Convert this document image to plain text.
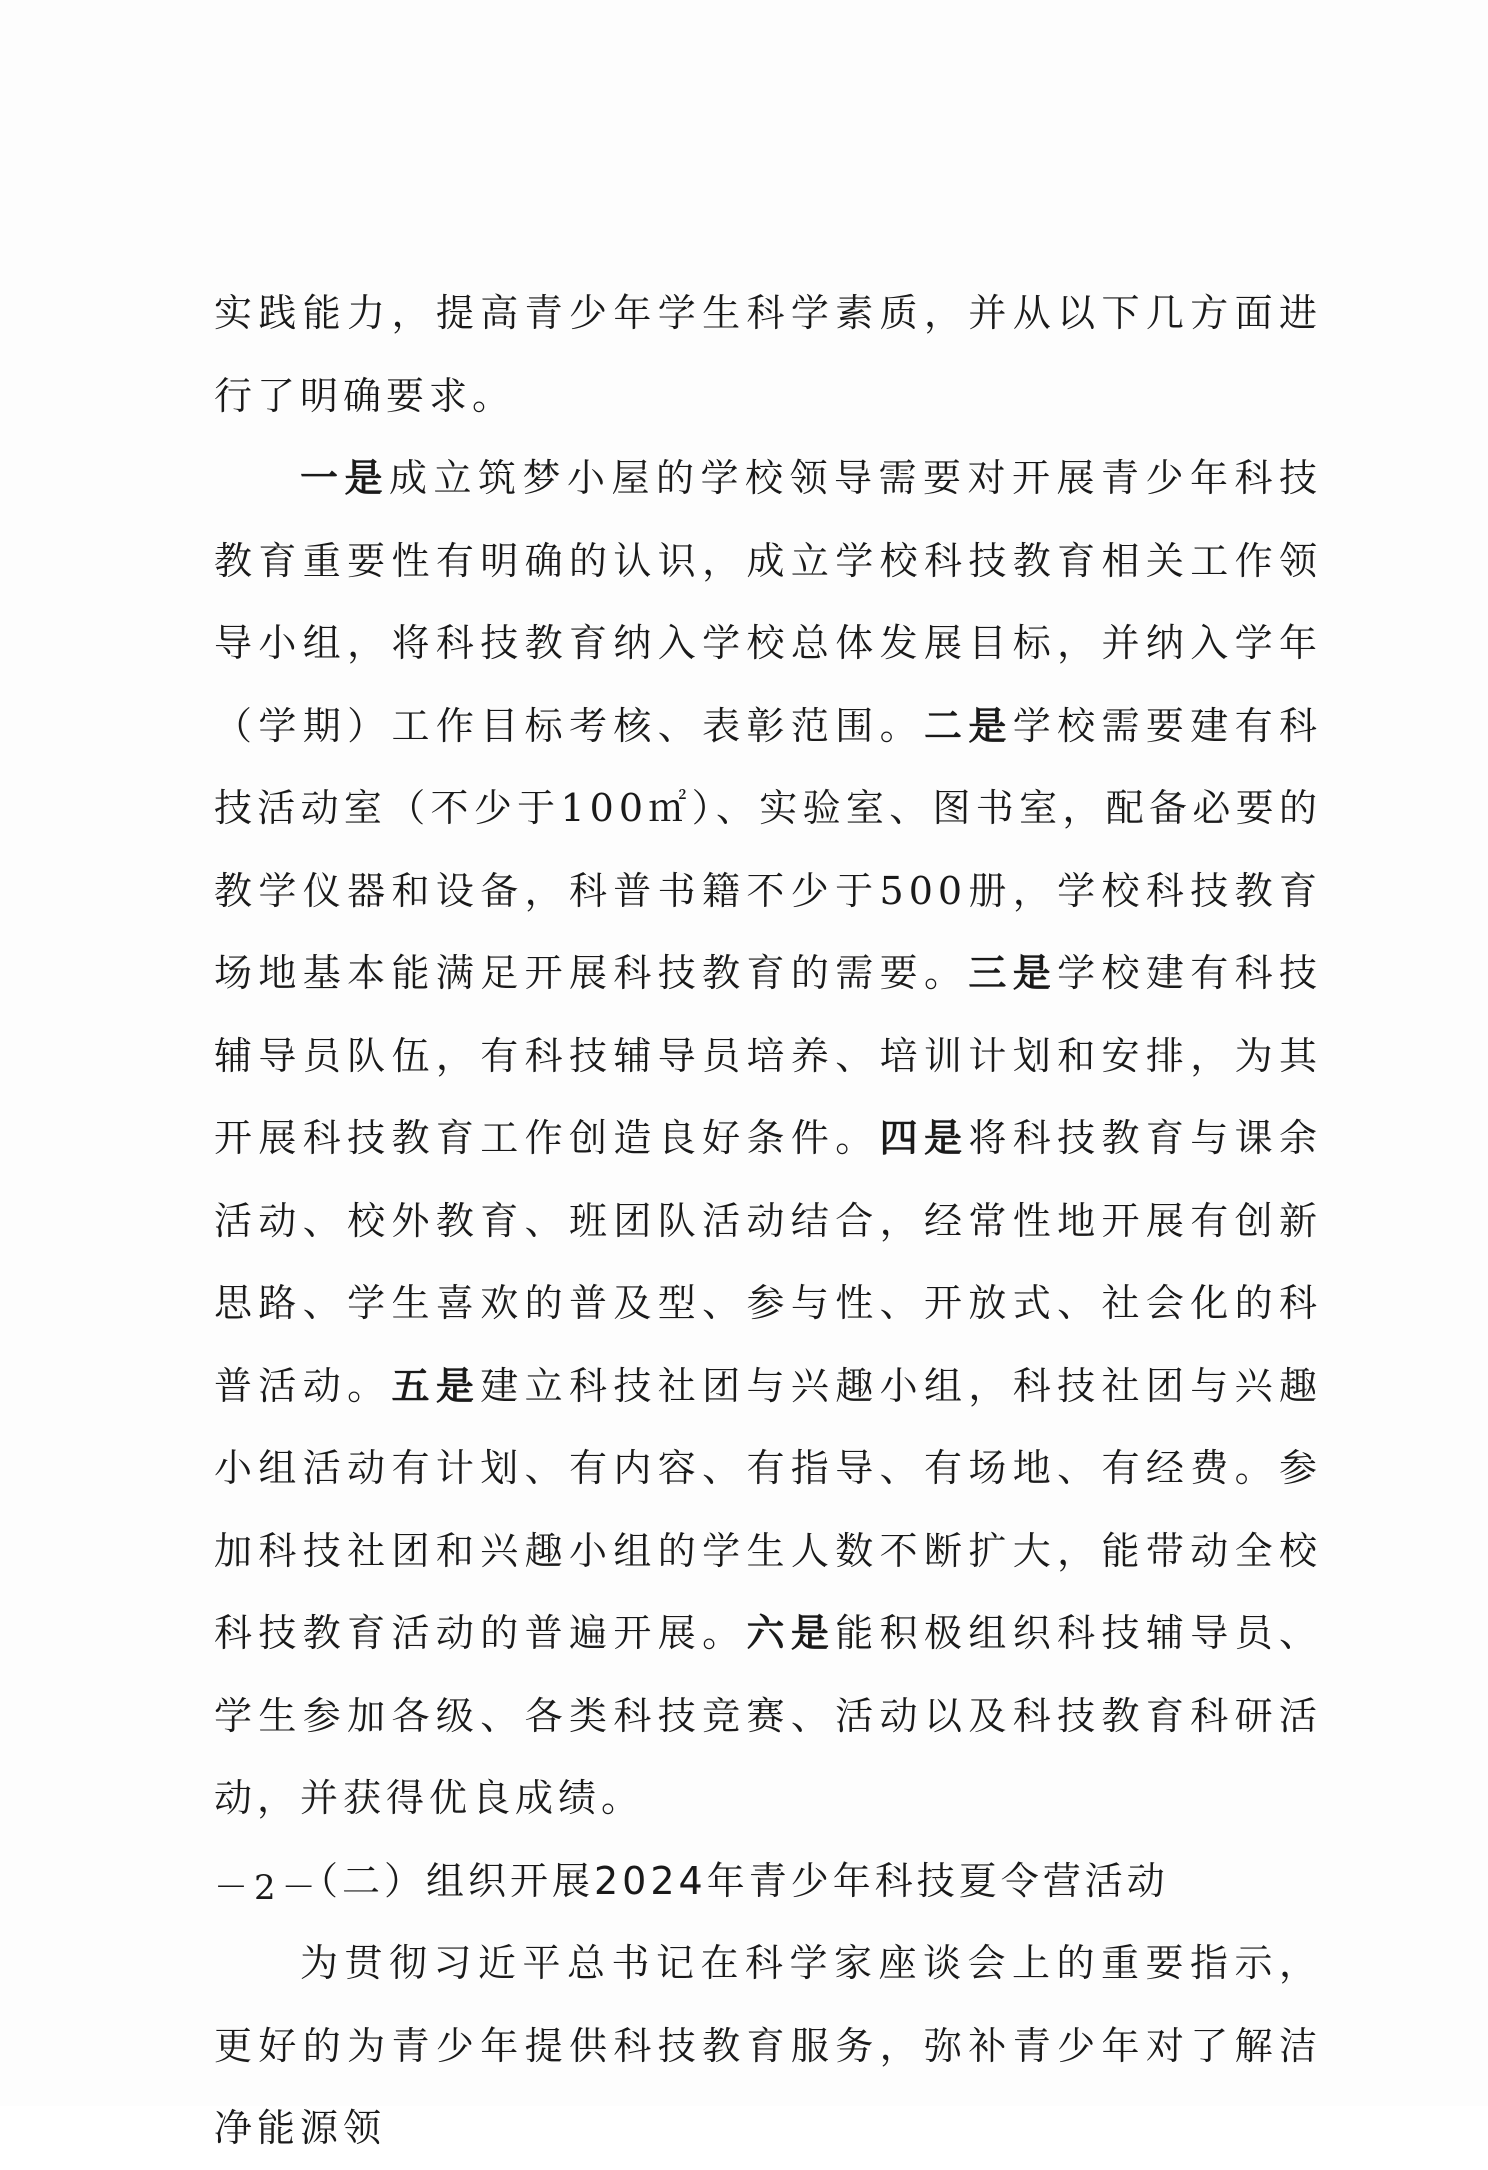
实践能力，提高青少年学生科学素质，并从以下几方面进行了明确要求。

一是成立筑梦小屋的学校领导需要对开展青少年科技教育重要性有明确的认识，成立学校科技教育相关工作领导小组，将科技教育纳入学校总体发展目标，并纳入学年（学期）工作目标考核、表彰范围。二是学校需要建有科技活动室（不少于100㎡）、实验室、图书室，配备必要的教学仪器和设备，科普书籍不少于500册，学校科技教育场地基本能满足开展科技教育的需要。三是学校建有科技辅导员队伍，有科技辅导员培养、培训计划和安排，为其开展科技教育工作创造良好条件。四是将科技教育与课余活动、校外教育、班团队活动结合，经常性地开展有创新思路、学生喜欢的普及型、参与性、开放式、社会化的科普活动。五是建立科技社团与兴趣小组，科技社团与兴趣小组活动有计划、有内容、有指导、有场地、有经费。参加科技社团和兴趣小组的学生人数不断扩大，能带动全校科技教育活动的普遍开展。六是能积极组织科技辅导员、学生参加各级、各类科技竞赛、活动以及科技教育科研活动，并获得优良成绩。

（二）组织开展2024年青少年科技夏令营活动

为贯彻习近平总书记在科学家座谈会上的重要指示，更好的为青少年提供科技教育服务，弥补青少年对了解洁净能源领

－2－
